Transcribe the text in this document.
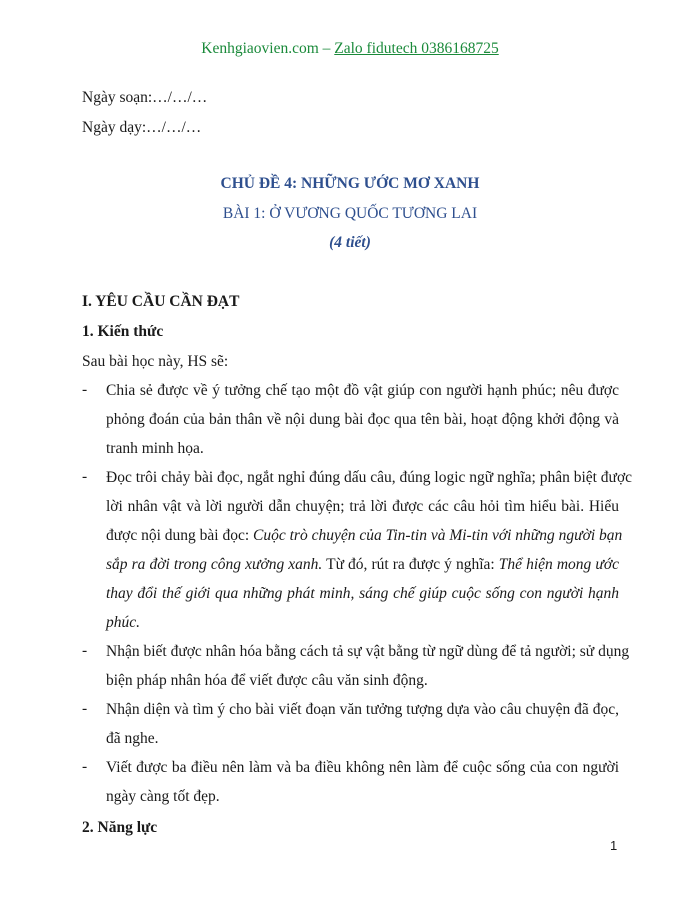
Kenhgiaovien.com – Zalo fidutech 0386168725
Ngày soạn:…/…/…
Ngày dạy:…/…/…
CHỦ ĐỀ 4: NHỮNG ƯỚC MƠ XANH
BÀI 1: Ở VƯƠNG QUỐC TƯƠNG LAI
(4 tiết)
I. YÊU CẦU CẦN ĐẠT
1. Kiến thức
Sau bài học này, HS sẽ:
- Chia sẻ được về ý tưởng chế tạo một đồ vật giúp con người hạnh phúc; nêu được
phỏng đoán của bản thân về nội dung bài đọc qua tên bài, hoạt động khởi động và
tranh minh họa.
- Đọc trôi chảy bài đọc, ngắt nghỉ đúng dấu câu, đúng logic ngữ nghĩa; phân biệt được
lời nhân vật và lời người dẫn chuyện; trả lời được các câu hỏi tìm hiểu bài. Hiểu
được nội dung bài đọc: Cuộc trò chuyện của Tin-tin và Mi-tin với những người bạn
sắp ra đời trong công xưởng xanh. Từ đó, rút ra được ý nghĩa: Thể hiện mong ước
thay đổi thế giới qua những phát minh, sáng chế giúp cuộc sống con người hạnh
phúc.
- Nhận biết được nhân hóa bằng cách tả sự vật bằng từ ngữ dùng để tả người; sử dụng
biện pháp nhân hóa để viết được câu văn sinh động.
- Nhận diện và tìm ý cho bài viết đoạn văn tưởng tượng dựa vào câu chuyện đã đọc,
đã nghe.
- Viết được ba điều nên làm và ba điều không nên làm để cuộc sống của con người
ngày càng tốt đẹp.
2. Năng lực
1
